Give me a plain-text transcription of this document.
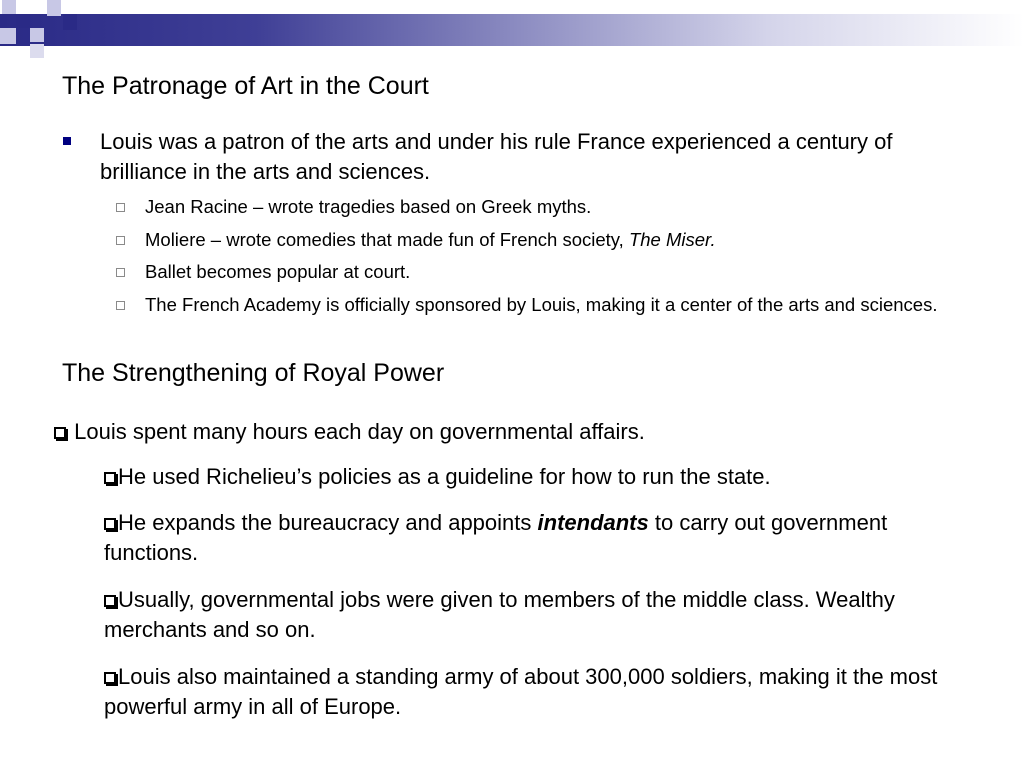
The Patronage of Art in the Court
Louis was a patron of the arts and under his rule France experienced a century of brilliance in the arts and sciences.
Jean Racine – wrote tragedies based on Greek myths.
Moliere – wrote comedies that made fun of French society, The Miser.
Ballet becomes popular at court.
The French Academy is officially sponsored by Louis, making it a center of the arts and sciences.
The Strengthening of Royal Power
Louis spent many hours each day on governmental affairs.
He used Richelieu’s policies as a guideline for how to run the state.
He expands the bureaucracy and appoints intendants to carry out government functions.
Usually, governmental jobs were given to members of the middle class. Wealthy merchants and so on.
Louis also maintained a standing army of about 300,000 soldiers, making it the most powerful army in all of Europe.
